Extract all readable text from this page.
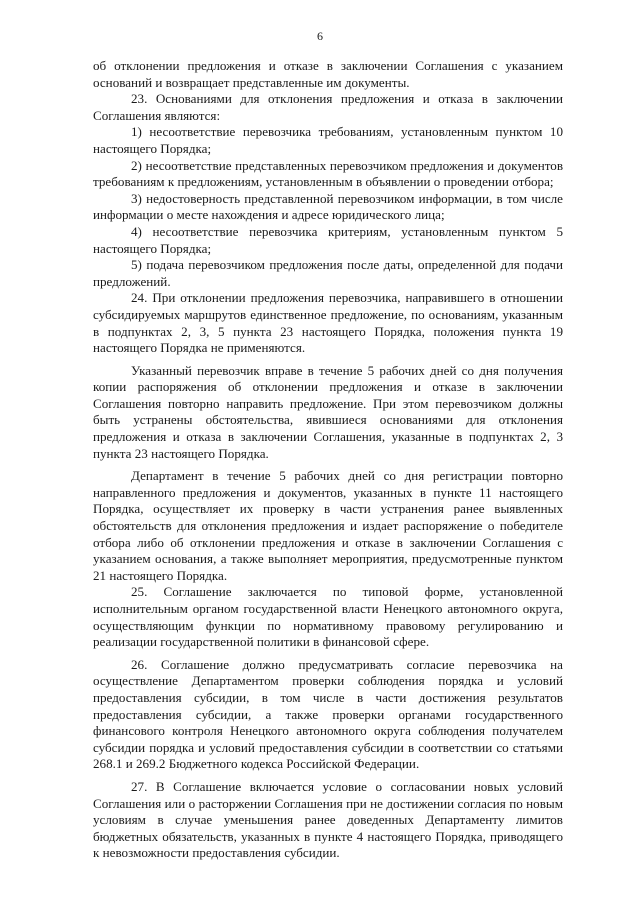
6

об отклонении предложения и отказе в заключении Соглашения с указанием оснований и возвращает представленные им документы.

23. Основаниями для отклонения предложения и отказа в заключении Соглашения являются:

1) несоответствие перевозчика требованиям, установленным пунктом 10 настоящего Порядка;

2) несоответствие представленных перевозчиком предложения и документов требованиям к предложениям, установленным в объявлении о проведении отбора;

3) недостоверность представленной перевозчиком информации, в том числе информации о месте нахождения и адресе юридического лица;

4) несоответствие перевозчика критериям, установленным пунктом 5 настоящего Порядка;

5) подача перевозчиком предложения после даты, определенной для подачи предложений.

24. При отклонении предложения перевозчика, направившего в отношении субсидируемых маршрутов единственное предложение, по основаниям, указанным в подпунктах 2, 3, 5 пункта 23 настоящего Порядка, положения пункта 19 настоящего Порядка не применяются.

Указанный перевозчик вправе в течение 5 рабочих дней со дня получения копии распоряжения об отклонении предложения и отказе в заключении Соглашения повторно направить предложение. При этом перевозчиком должны быть устранены обстоятельства, явившиеся основаниями для отклонения предложения и отказа в заключении Соглашения, указанные в подпунктах 2, 3 пункта 23 настоящего Порядка.

Департамент в течение 5 рабочих дней со дня регистрации повторно направленного предложения и документов, указанных в пункте 11 настоящего Порядка, осуществляет их проверку в части устранения ранее выявленных обстоятельств для отклонения предложения и издает распоряжение о победителе отбора либо об отклонении предложения и отказе в заключении Соглашения с указанием основания, а также выполняет мероприятия, предусмотренные пунктом 21 настоящего Порядка.

25. Соглашение заключается по типовой форме, установленной исполнительным органом государственной власти Ненецкого автономного округа, осуществляющим функции по нормативному правовому регулированию и реализации государственной политики в финансовой сфере.

26. Соглашение должно предусматривать согласие перевозчика на осуществление Департаментом проверки соблюдения порядка и условий предоставления субсидии, в том числе в части достижения результатов предоставления субсидии, а также проверки органами государственного финансового контроля Ненецкого автономного округа соблюдения получателем субсидии порядка и условий предоставления субсидии в соответствии со статьями 268.1 и 269.2 Бюджетного кодекса Российской Федерации.

27. В Соглашение включается условие о согласовании новых условий Соглашения или о расторжении Соглашения при не достижении согласия по новым условиям в случае уменьшения ранее доведенных Департаменту лимитов бюджетных обязательств, указанных в пункте 4 настоящего Порядка, приводящего к невозможности предоставления субсидии.
